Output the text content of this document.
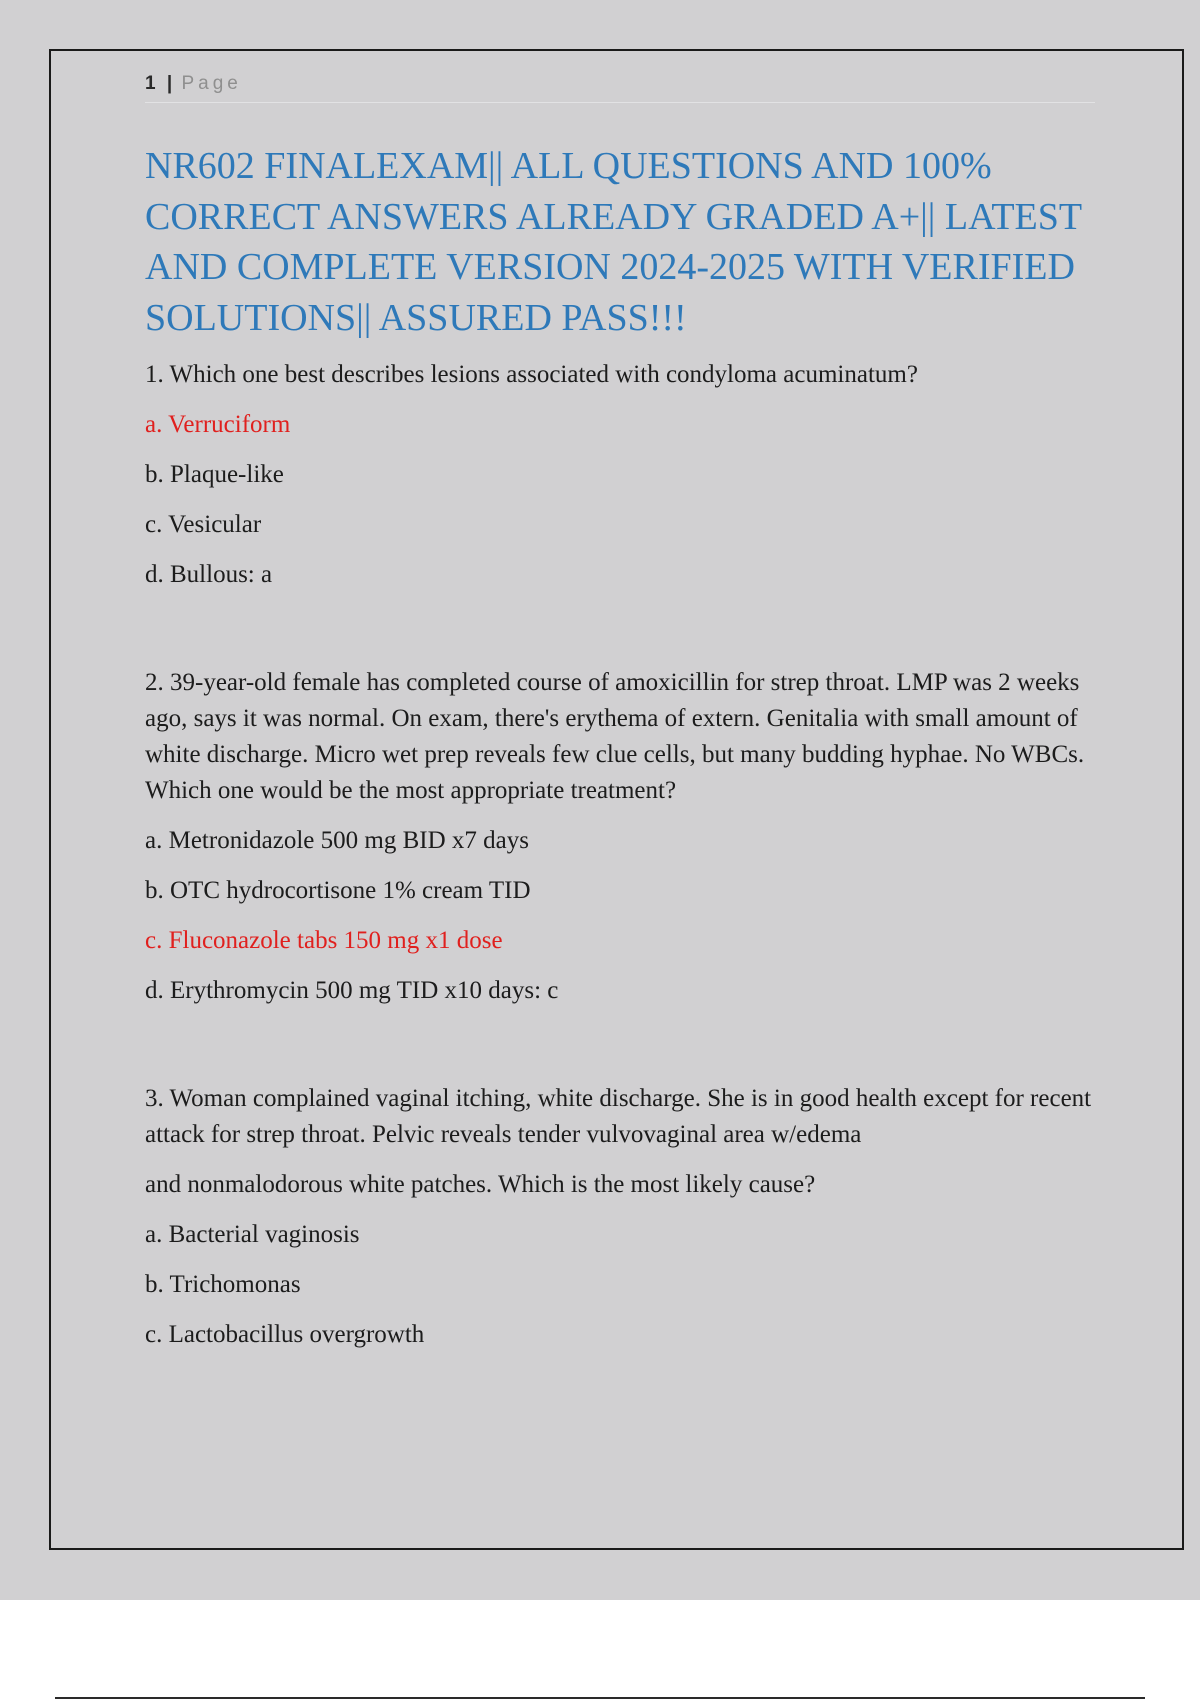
1 | Page
NR602 FINALEXAM|| ALL QUESTIONS AND 100% CORRECT ANSWERS ALREADY GRADED A+|| LATEST AND COMPLETE VERSION 2024-2025 WITH VERIFIED SOLUTIONS|| ASSURED PASS!!!

1. Which one best describes lesions associated with condyloma acuminatum?

a. Verruciform

b. Plaque-like

c. Vesicular

d. Bullous: a

2. 39-year-old female has completed course of amoxicillin for strep throat. LMP was 2 weeks ago, says it was normal. On exam, there's erythema of extern. Genitalia with small amount of white discharge. Micro wet prep reveals few clue cells, but many budding hyphae. No WBCs. Which one would be the most appropriate treatment?

a. Metronidazole 500 mg BID x7 days

b. OTC hydrocortisone 1% cream TID

c. Fluconazole tabs 150 mg x1 dose

d. Erythromycin 500 mg TID x10 days: c

3. Woman complained vaginal itching, white discharge. She is in good health except for recent attack for strep throat. Pelvic reveals tender vulvovaginal area w/edema

and nonmalodorous white patches. Which is the most likely cause?

a. Bacterial vaginosis

b. Trichomonas

c. Lactobacillus overgrowth
